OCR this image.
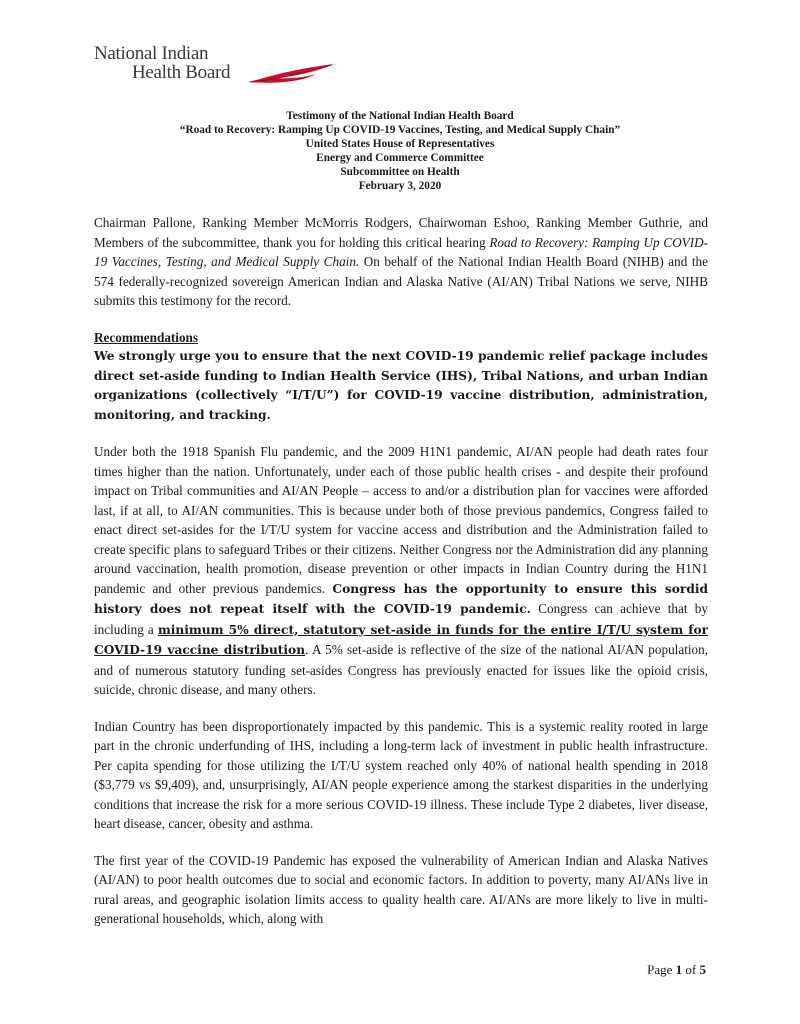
National Indian
Health Board
Testimony of the National Indian Health Board
“Road to Recovery: Ramping Up COVID-19 Vaccines, Testing, and Medical Supply Chain”
United States House of Representatives
Energy and Commerce Committee
Subcommittee on Health
February 3, 2020

Chairman Pallone, Ranking Member McMorris Rodgers, Chairwoman Eshoo, Ranking Member Guthrie, and Members of the subcommittee, thank you for holding this critical hearing Road to Recovery: Ramping Up COVID-19 Vaccines, Testing, and Medical Supply Chain. On behalf of the National Indian Health Board (NIHB) and the 574 federally-recognized sovereign American Indian and Alaska Native (AI/AN) Tribal Nations we serve, NIHB submits this testimony for the record.

Recommendations

We strongly urge you to ensure that the next COVID-19 pandemic relief package includes direct set-aside funding to Indian Health Service (IHS), Tribal Nations, and urban Indian organizations (collectively “I/T/U”) for COVID-19 vaccine distribution, administration, monitoring, and tracking.

Under both the 1918 Spanish Flu pandemic, and the 2009 H1N1 pandemic, AI/AN people had death rates four times higher than the nation. Unfortunately, under each of those public health crises - and despite their profound impact on Tribal communities and AI/AN People – access to and/or a distribution plan for vaccines were afforded last, if at all, to AI/AN communities. This is because under both of those previous pandemics, Congress failed to enact direct set-asides for the I/T/U system for vaccine access and distribution and the Administration failed to create specific plans to safeguard Tribes or their citizens. Neither Congress nor the Administration did any planning around vaccination, health promotion, disease prevention or other impacts in Indian Country during the H1N1 pandemic and other previous pandemics. Congress has the opportunity to ensure this sordid history does not repeat itself with the COVID-19 pandemic. Congress can achieve that by including a minimum 5% direct, statutory set-aside in funds for the entire I/T/U system for COVID-19 vaccine distribution. A 5% set-aside is reflective of the size of the national AI/AN population, and of numerous statutory funding set-asides Congress has previously enacted for issues like the opioid crisis, suicide, chronic disease, and many others.

Indian Country has been disproportionately impacted by this pandemic. This is a systemic reality rooted in large part in the chronic underfunding of IHS, including a long-term lack of investment in public health infrastructure. Per capita spending for those utilizing the I/T/U system reached only 40% of national health spending in 2018 ($3,779 vs $9,409), and, unsurprisingly, AI/AN people experience among the starkest disparities in the underlying conditions that increase the risk for a more serious COVID-19 illness. These include Type 2 diabetes, liver disease, heart disease, cancer, obesity and asthma.

The first year of the COVID-19 Pandemic has exposed the vulnerability of American Indian and Alaska Natives (AI/AN) to poor health outcomes due to social and economic factors. In addition to poverty, many AI/ANs live in rural areas, and geographic isolation limits access to quality health care. AI/ANs are more likely to live in multi-generational households, which, along with

Page 1 of 5
